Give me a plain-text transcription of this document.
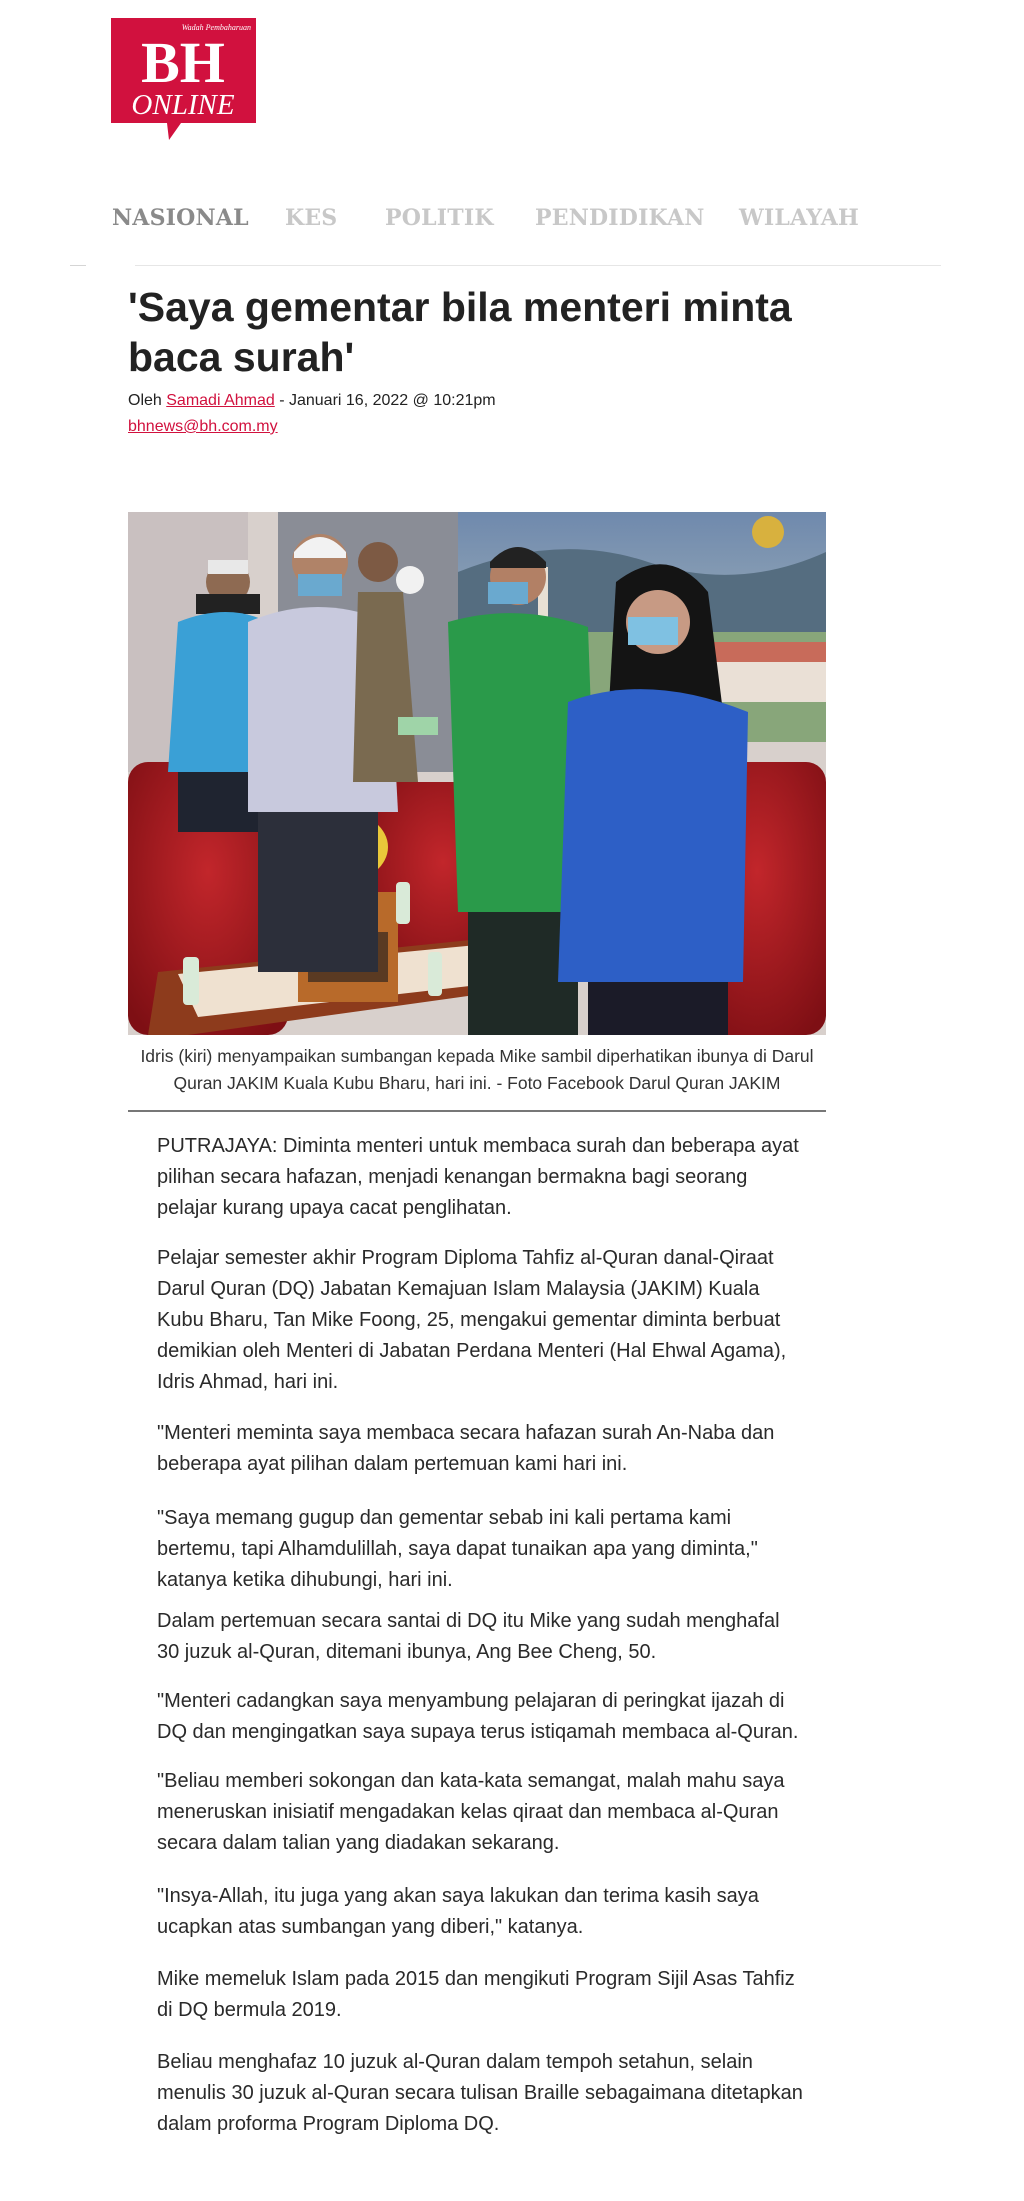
Wadah Pembaharuan
BH
ONLINE
NASIONAL KES POLITIK PENDIDIKAN WILAYAH
'Saya gementar bila menteri minta baca surah'
Oleh Samadi Ahmad - Januari 16, 2022 @ 10:21pm
bhnews@bh.com.my
Idris (kiri) menyampaikan sumbangan kepada Mike sambil diperhatikan ibunya di Darul Quran JAKIM Kuala Kubu Bharu, hari ini. - Foto Facebook Darul Quran JAKIM

PUTRAJAYA: Diminta menteri untuk membaca surah dan beberapa ayat pilihan secara hafazan, menjadi kenangan bermakna bagi seorang pelajar kurang upaya cacat penglihatan.

Pelajar semester akhir Program Diploma Tahfiz al-Quran danal-Qiraat Darul Quran (DQ) Jabatan Kemajuan Islam Malaysia (JAKIM) Kuala Kubu Bharu, Tan Mike Foong, 25, mengakui gementar diminta berbuat demikian oleh Menteri di Jabatan Perdana Menteri (Hal Ehwal Agama), Idris Ahmad, hari ini.

"Menteri meminta saya membaca secara hafazan surah An-Naba dan beberapa ayat pilihan dalam pertemuan kami hari ini.

"Saya memang gugup dan gementar sebab ini kali pertama kami bertemu, tapi Alhamdulillah, saya dapat tunaikan apa yang diminta," katanya ketika dihubungi, hari ini.

Dalam pertemuan secara santai di DQ itu Mike yang sudah menghafal 30 juzuk al-Quran, ditemani ibunya, Ang Bee Cheng, 50.

"Menteri cadangkan saya menyambung pelajaran di peringkat ijazah di DQ dan mengingatkan saya supaya terus istiqamah membaca al-Quran.

"Beliau memberi sokongan dan kata-kata semangat, malah mahu saya meneruskan inisiatif mengadakan kelas qiraat dan membaca al-Quran secara dalam talian yang diadakan sekarang.

"Insya-Allah, itu juga yang akan saya lakukan dan terima kasih saya ucapkan atas sumbangan yang diberi," katanya.

Mike memeluk Islam pada 2015 dan mengikuti Program Sijil Asas Tahfiz di DQ bermula 2019.

Beliau menghafaz 10 juzuk al-Quran dalam tempoh setahun, selain menulis 30 juzuk al-Quran secara tulisan Braille sebagaimana ditetapkan dalam proforma Program Diploma DQ.
